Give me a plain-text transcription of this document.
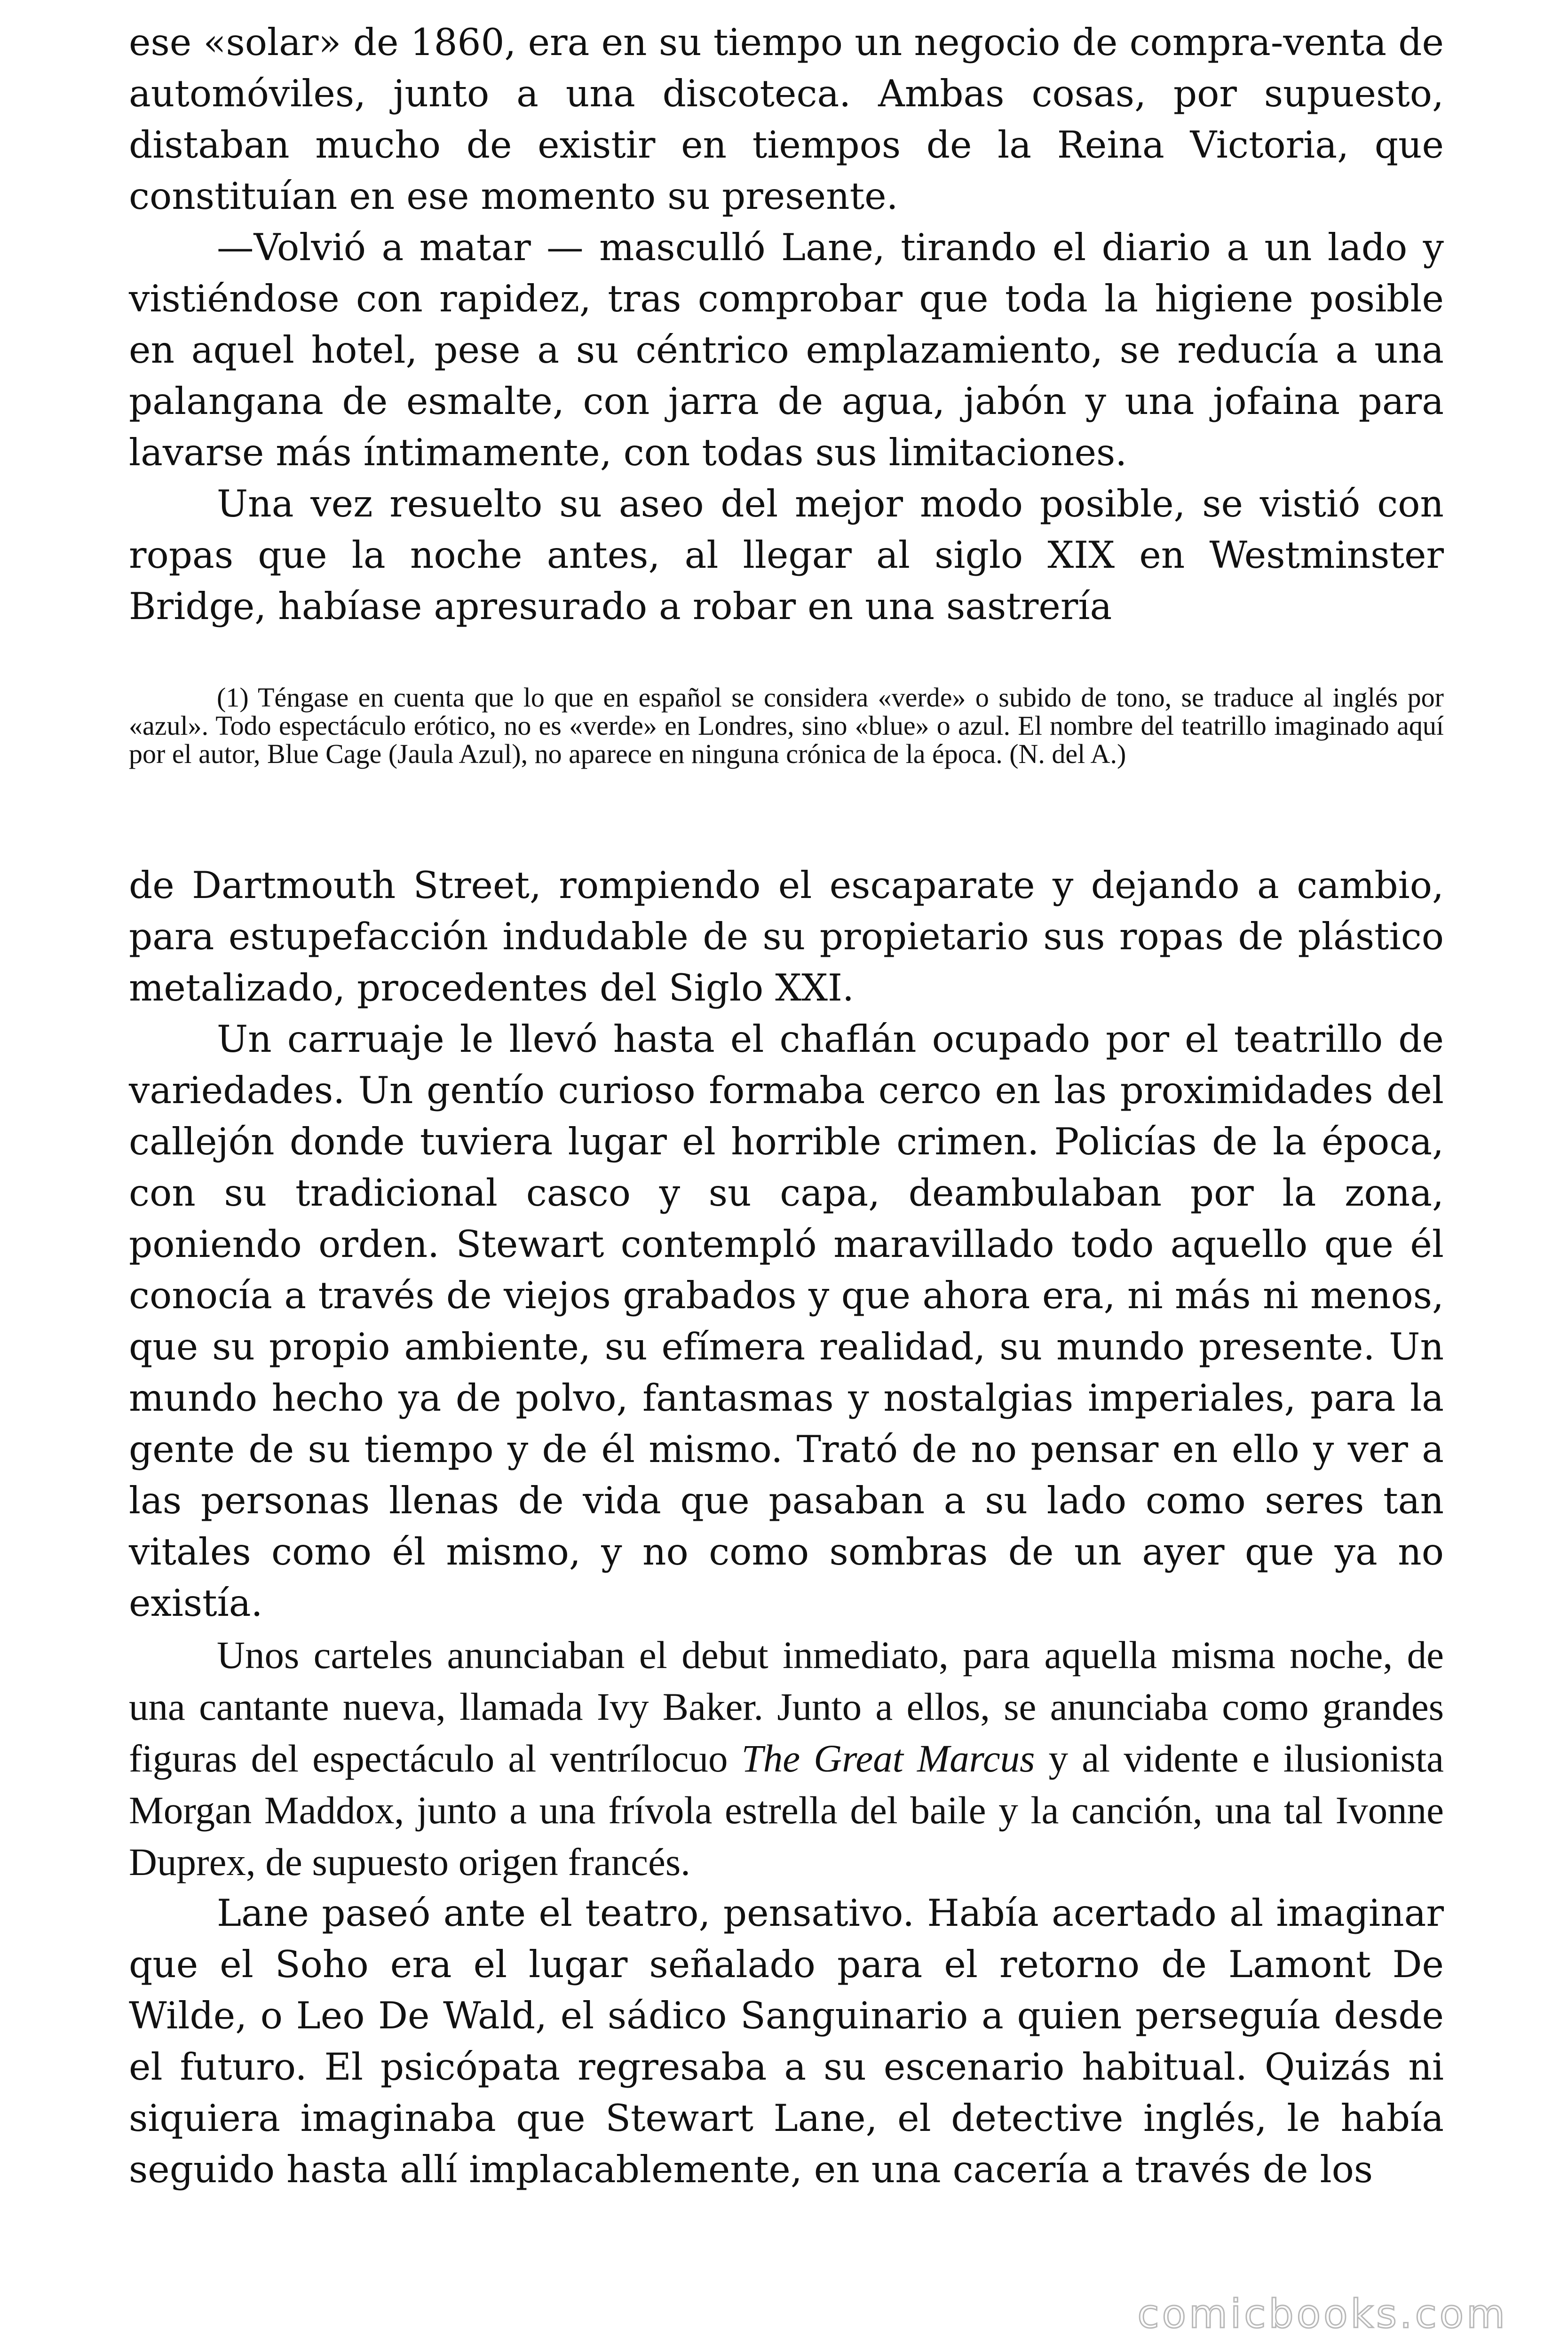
ese «solar» de 1860, era en su tiempo un negocio de compra-venta de automóviles, junto a una discoteca. Ambas cosas, por supuesto, distaban mucho de existir en tiempos de la Reina Victoria, que constituían en ese momento su presente.

—Volvió a matar — masculló Lane, tirando el diario a un lado y vistiéndose con rapidez, tras comprobar que toda la higiene posible en aquel hotel, pese a su céntrico emplazamiento, se reducía a una palangana de esmalte, con jarra de agua, jabón y una jofaina para lavarse más íntimamente, con todas sus limitaciones.

Una vez resuelto su aseo del mejor modo posible, se vistió con ropas que la noche antes, al llegar al siglo XIX en Westminster Bridge, habíase apresurado a robar en una sastrería

(1) Téngase en cuenta que lo que en español se considera «verde» o subido de tono, se traduce al inglés por «azul». Todo espectáculo erótico, no es «verde» en Londres, sino «blue» o azul. El nombre del teatrillo imaginado aquí por el autor, Blue Cage (Jaula Azul), no aparece en ninguna crónica de la época. (N. del A.)

de Dartmouth Street, rompiendo el escaparate y dejando a cambio, para estupefacción indudable de su propietario sus ropas de plástico metalizado, procedentes del Siglo XXI.

Un carruaje le llevó hasta el chaflán ocupado por el teatrillo de variedades. Un gentío curioso formaba cerco en las proximidades del callejón donde tuviera lugar el horrible crimen. Policías de la época, con su tradicional casco y su capa, deambulaban por la zona, poniendo orden. Stewart contempló maravillado todo aquello que él conocía a través de viejos grabados y que ahora era, ni más ni menos, que su propio ambiente, su efímera realidad, su mundo presente. Un mundo hecho ya de polvo, fantasmas y nostalgias imperiales, para la gente de su tiempo y de él mismo. Trató de no pensar en ello y ver a las personas llenas de vida que pasaban a su lado como seres tan vitales como él mismo, y no como sombras de un ayer que ya no existía.

Unos carteles anunciaban el debut inmediato, para aquella misma noche, de una cantante nueva, llamada Ivy Baker. Junto a ellos, se anunciaba como grandes figuras del espectáculo al ventrílocuo The Great Marcus y al vidente e ilusionista Morgan Maddox, junto a una frívola estrella del baile y la canción, una tal Ivonne Duprex, de supuesto origen francés.

Lane paseó ante el teatro, pensativo. Había acertado al imaginar que el Soho era el lugar señalado para el retorno de Lamont De Wilde, o Leo De Wald, el sádico Sanguinario a quien perseguía desde el futuro. El psicópata regresaba a su escenario habitual. Quizás ni siquiera imaginaba que Stewart Lane, el detective inglés, le había seguido hasta allí implacablemente, en una cacería a través de los

comicbooks.com
